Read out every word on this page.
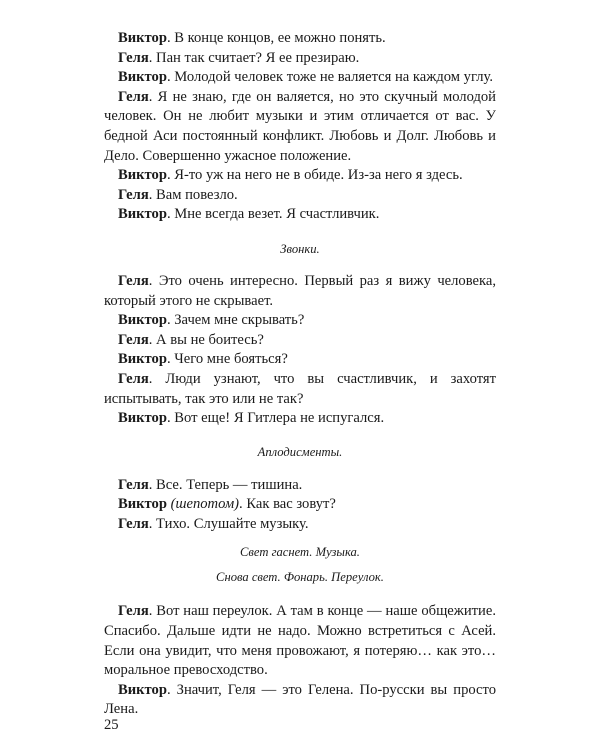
Виктор. В конце концов, ее можно понять.

Геля. Пан так считает? Я ее презираю.

Виктор. Молодой человек тоже не валяется на каждом углу.

Геля. Я не знаю, где он валяется, но это скучный молодой человек. Он не любит музыки и этим отличается от вас. У бедной Аси постоянный конфликт. Любовь и Долг. Любовь и Дело. Совершенно ужасное положение.

Виктор. Я-то уж на него не в обиде. Из-за него я здесь.

Геля. Вам повезло.

Виктор. Мне всегда везет. Я счастливчик.

Звонки.

Геля. Это очень интересно. Первый раз я вижу человека, который этого не скрывает.

Виктор. Зачем мне скрывать?

Геля. А вы не боитесь?

Виктор. Чего мне бояться?

Геля. Люди узнают, что вы счастливчик, и захотят испытывать, так это или не так?

Виктор. Вот еще! Я Гитлера не испугался.

Аплодисменты.

Геля. Все. Теперь — тишина.

Виктор (шепотом). Как вас зовут?

Геля. Тихо. Слушайте музыку.

Свет гаснет. Музыка.

Снова свет. Фонарь. Переулок.

Геля. Вот наш переулок. А там в конце — наше общежитие. Спасибо. Дальше идти не надо. Можно встретиться с Асей. Если она увидит, что меня провожают, я потеряю… как это… моральное превосходство.

Виктор. Значит, Геля — это Гелена. По-русски вы просто Лена.

25
